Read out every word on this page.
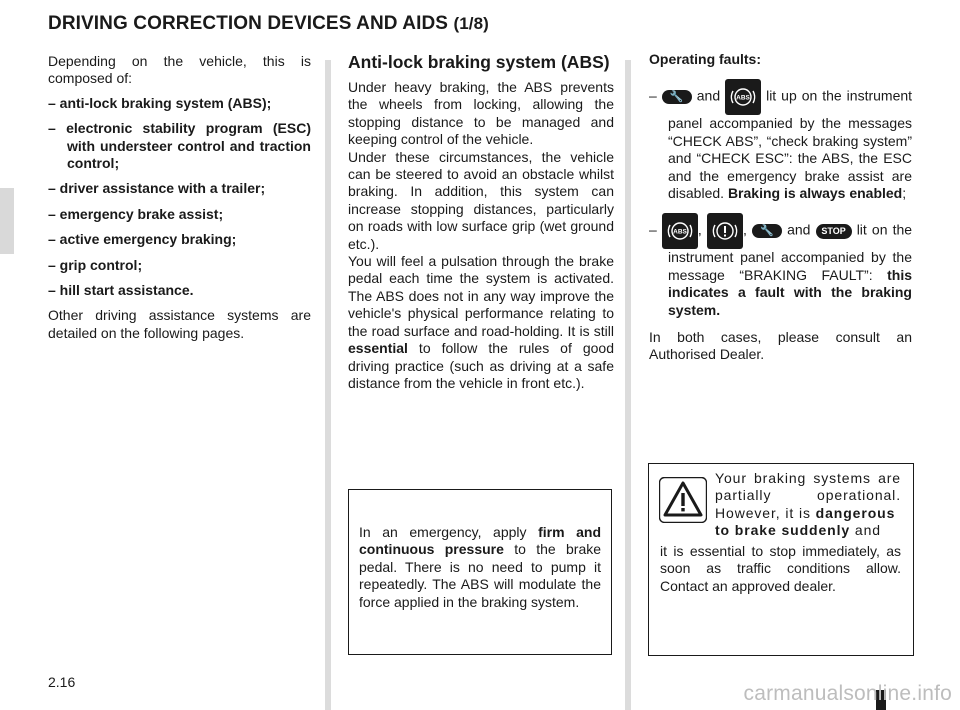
DRIVING CORRECTION DEVICES AND AIDS (1/8)

Depending on the vehicle, this is composed of:

– anti-lock braking system (ABS);

– electronic stability program (ESC) with understeer control and traction control;

– driver assistance with a trailer;

– emergency brake assist;

– active emergency braking;

– grip control;

– hill start assistance.

Other driving assistance systems are detailed on the following pages.

Anti-lock braking system (ABS)

Under heavy braking, the ABS prevents the wheels from locking, allowing the stopping distance to be managed and keeping control of the vehicle.

Under these circumstances, the vehicle can be steered to avoid an obstacle whilst braking. In addition, this system can increase stopping distances, particularly on roads with low surface grip (wet ground etc.).

You will feel a pulsation through the brake pedal each time the system is activated. The ABS does not in any way improve the vehicle's physical performance relating to the road surface and road-holding. It is still essential to follow the rules of good driving practice (such as driving at a safe distance from the vehicle in front etc.).

Operating faults:

– 🔧 and ABS lit up on the instrument panel accompanied by the messages “CHECK ABS”, “check braking system” and “CHECK ESC”: the ABS, the ESC and the emergency brake assist are disabled. Braking is always enabled;

–	ABS ,	, 🔧 and STOP lit on the instrument panel accompanied by the message “BRAKING FAULT”: this indicates a fault with the braking system.

In both cases, please consult an Authorised Dealer.

In an emergency, apply firm and continuous pressure to the brake pedal. There is no need to pump it repeatedly. The ABS will modulate the force applied in the braking system.

Your braking systems are partially operational. However, it is dangerous
to brake suddenly and

it is essential to stop immediately, as soon as traffic conditions allow. Contact an approved dealer.

2.16	carmanualsonline.info
